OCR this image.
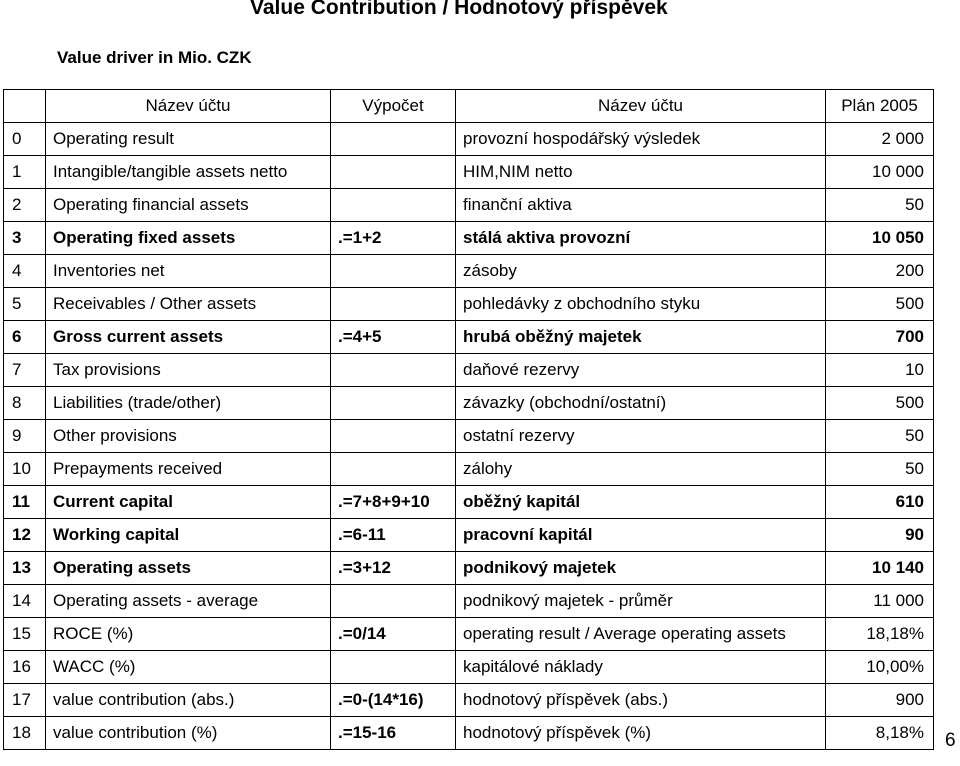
Value Contribution / Hodnotový příspěvek
Value driver in Mio. CZK
	Název účtu	Výpočet	Název účtu	Plán 2005
0	Operating result		provozní hospodářský výsledek	2 000
1	Intangible/tangible assets netto		HIM,NIM netto	10 000
2	Operating financial assets		finanční aktiva	50
3	Operating fixed assets	.=1+2	stálá aktiva provozní	10 050
4	Inventories net		zásoby	200
5	Receivables / Other assets		pohledávky z obchodního styku	500
6	Gross current assets	.=4+5	hrubá oběžný majetek	700
7	Tax provisions		daňové rezervy	10
8	Liabilities (trade/other)		závazky (obchodní/ostatní)	500
9	Other provisions		ostatní rezervy	50
10	Prepayments received		zálohy	50
11	Current capital	.=7+8+9+10	oběžný kapitál	610
12	Working capital	.=6-11	pracovní kapitál	90
13	Operating assets	.=3+12	podnikový majetek	10 140
14	Operating assets - average		podnikový majetek - průměr	11 000
15	ROCE (%)	.=0/14	operating result / Average operating assets	18,18%
16	WACC (%)		kapitálové náklady	10,00%
17	value contribution (abs.)	.=0-(14*16)	hodnotový příspěvek (abs.)	900
18	value contribution (%)	.=15-16	hodnotový příspěvek (%)	8,18% 6
